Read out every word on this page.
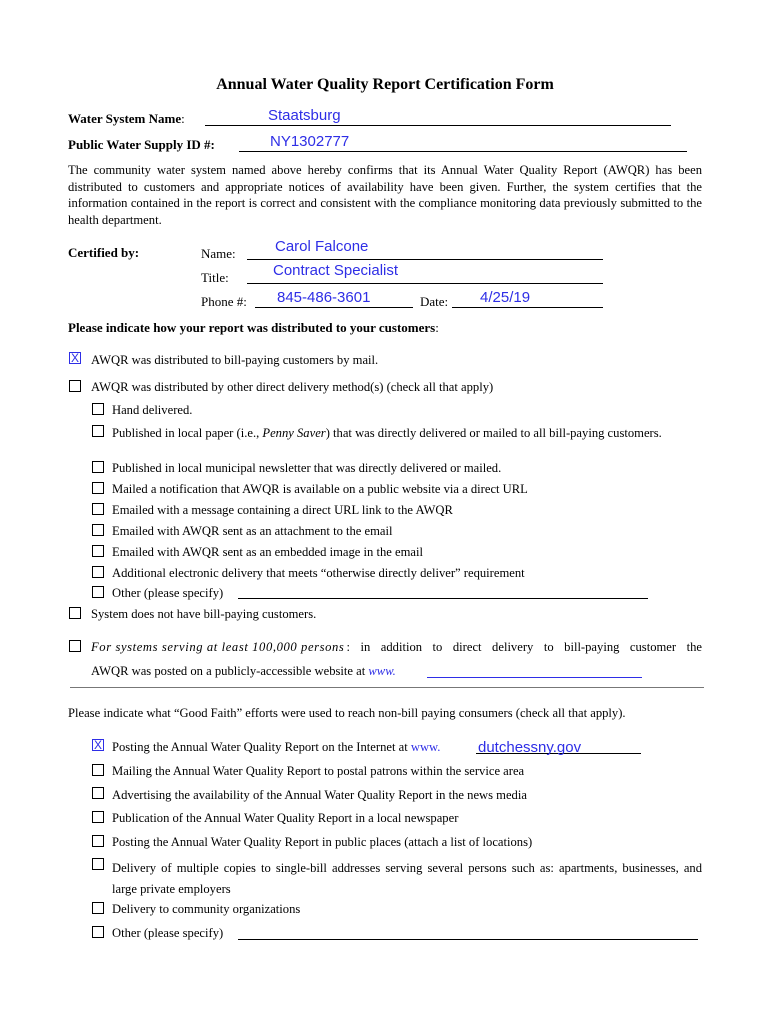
Annual Water Quality Report Certification Form
Water System Name:	Staatsburg
Public Water Supply ID #:	NY1302777
The community water system named above hereby confirms that its Annual Water Quality Report (AWQR) has been distributed to customers and appropriate notices of availability have been given. Further, the system certifies that the information contained in the report is correct and consistent with the compliance monitoring data previously submitted to the health department.
Certified by:	Name:	Carol Falcone
Title:	Contract Specialist
Phone #: 845-486-3601	Date: 4/25/19
Please indicate how your report was distributed to your customers:
X AWQR was distributed to bill-paying customers by mail.
AWQR was distributed by other direct delivery method(s) (check all that apply)
Hand delivered.
Published in local paper (i.e., Penny Saver) that was directly delivered or mailed to all bill-paying customers.
Published in local municipal newsletter that was directly delivered or mailed.
Mailed a notification that AWQR is available on a public website via a direct URL
Emailed with a message containing a direct URL link to the AWQR
Emailed with AWQR sent as an attachment to the email
Emailed with AWQR sent as an embedded image in the email
Additional electronic delivery that meets “otherwise directly deliver” requirement
Other (please specify)
System does not have bill-paying customers.
For systems serving at least 100,000 persons : in addition to direct delivery to bill-paying customer the
AWQR was posted on a publicly-accessible website at www.
Please indicate what “Good Faith” efforts were used to reach non-bill paying consumers (check all that apply).
X Posting the Annual Water Quality Report on the Internet at www.	dutchessny.gov
Mailing the Annual Water Quality Report to postal patrons within the service area
Advertising the availability of the Annual Water Quality Report in the news media
Publication of the Annual Water Quality Report in a local newspaper
Posting the Annual Water Quality Report in public places (attach a list of locations)
Delivery of multiple copies to single-bill addresses serving several persons such as: apartments, businesses, and large private employers
Delivery to community organizations
Other (please specify)
